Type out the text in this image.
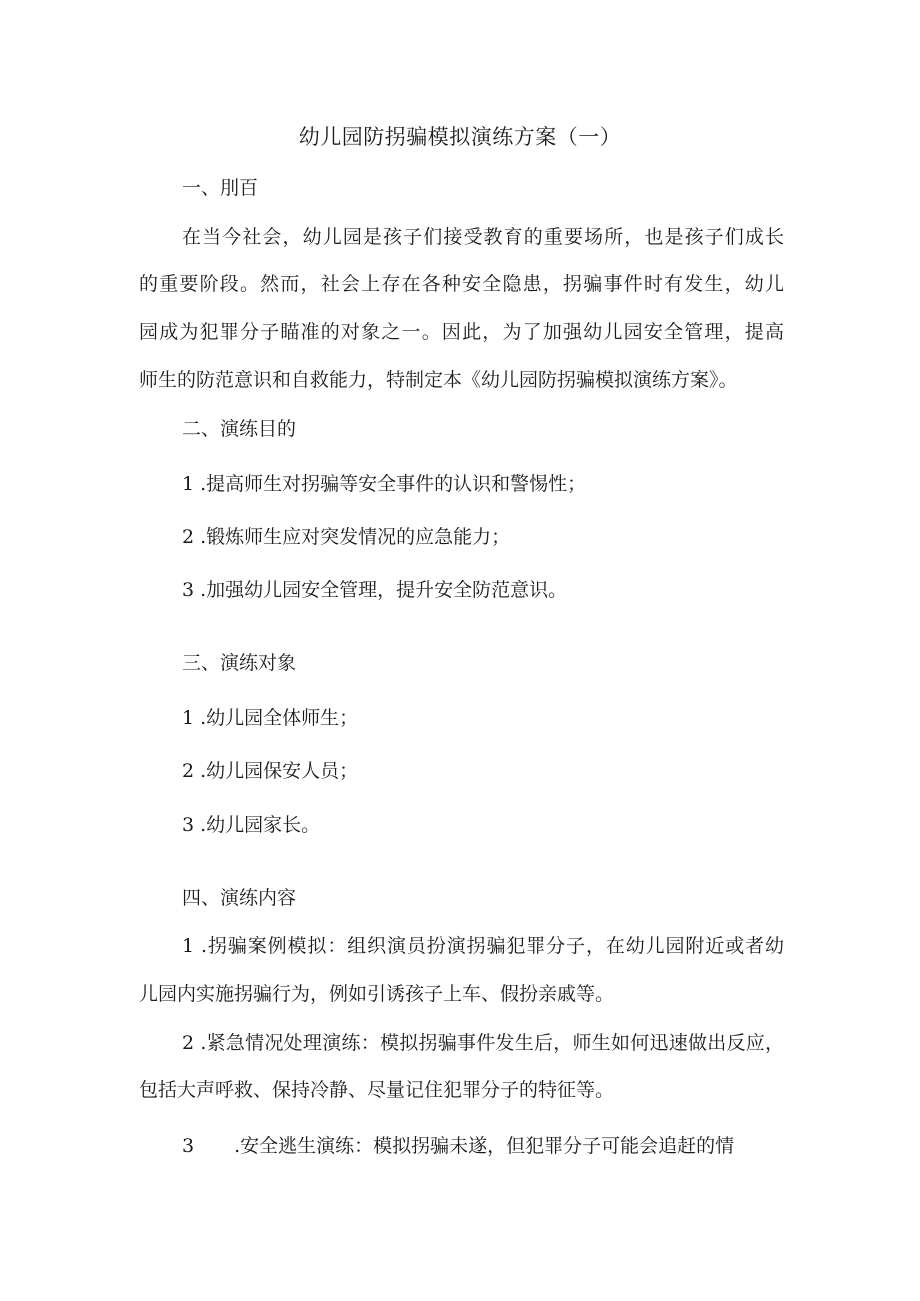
幼儿园防拐骗模拟演练方案（一）
一、刖百
在当今社会，幼儿园是孩子们接受教育的重要场所，也是孩子们成长
的重要阶段。然而，社会上存在各种安全隐患，拐骗事件时有发生，幼儿
园成为犯罪分子瞄准的对象之一。因此，为了加强幼儿园安全管理，提高
师生的防范意识和自救能力，特制定本《幼儿园防拐骗模拟演练方案》。
二、演练目的
1 .提高师生对拐骗等安全事件的认识和警惕性；
2 .锻炼师生应对突发情况的应急能力；
3 .加强幼儿园安全管理，提升安全防范意识。
三、演练对象
1 .幼儿园全体师生；
2 .幼儿园保安人员；
3 .幼儿园家长。
四、演练内容
1 .拐骗案例模拟：组织演员扮演拐骗犯罪分子，在幼儿园附近或者幼
儿园内实施拐骗行为，例如引诱孩子上车、假扮亲戚等。
2 .紧急情况处理演练：模拟拐骗事件发生后，师生如何迅速做出反应，
包括大声呼救、保持冷静、尽量记住犯罪分子的特征等。
3 .安全逃生演练：模拟拐骗未遂，但犯罪分子可能会追赶的情
